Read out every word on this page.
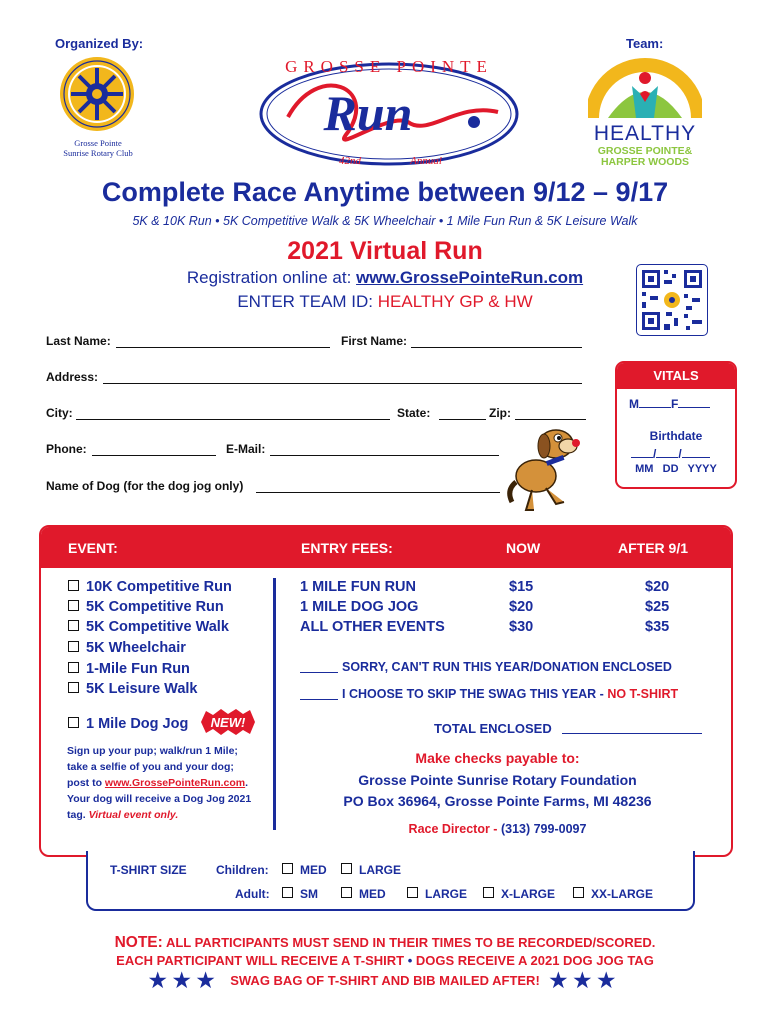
Organized By:	Team:
Grosse Pointe
Sunrise Rotary Club
Run
GROSSE POINTE
42nd	Annual
HEALTHY
GROSSE POINTE&
HARPER WOODS
Complete Race Anytime between 9/12 – 9/17
5K & 10K Run • 5K Competitive Walk & 5K Wheelchair • 1 Mile Fun Run & 5K Leisure Walk
2021 Virtual Run
Registration online at: www.GrossePointeRun.com
ENTER TEAM ID: HEALTHY GP & HW
Last Name:	First Name:
Address:
City:	State:	Zip:
Phone:	E-Mail:
Name of Dog (for the dog jog only)
VITALS
M	F
Birthdate
/ /
MM   DD   YYYY
EVENT:	ENTRY FEES:	NOW	AFTER 9/1
10K Competitive Run
5K Competitive Run
5K Competitive Walk
5K Wheelchair
1-Mile Fun Run
5K Leisure Walk
1 Mile Dog Jog	NEW!
Sign up your pup; walk/run 1 Mile;
take a selfie of you and your dog;
post to www.GrossePointeRun.com.
Your dog will receive a Dog Jog 2021
tag. Virtual event only.
1 MILE FUN RUN	$15	$20
1 MILE DOG JOG	$20	$25
ALL OTHER EVENTS	$30	$35
SORRY, CAN'T RUN THIS YEAR/DONATION ENCLOSED
I CHOOSE TO SKIP THE SWAG THIS YEAR - NO T-SHIRT
TOTAL ENCLOSED
Make checks payable to:
Grosse Pointe Sunrise Rotary Foundation
PO Box 36964, Grosse Pointe Farms, MI 48236
Race Director - (313) 799-0097
T-SHIRT SIZE Children:	MED	LARGE
Adult:	SM	MED	LARGE	X-LARGE	XX-LARGE
NOTE: ALL PARTICIPANTS MUST SEND IN THEIR TIMES TO BE RECORDED/SCORED.
EACH PARTICIPANT WILL RECEIVE A T-SHIRT • DOGS RECEIVE A 2021 DOG JOG TAG
★★★ SWAG BAG OF T-SHIRT AND BIB MAILED AFTER! ★★★
